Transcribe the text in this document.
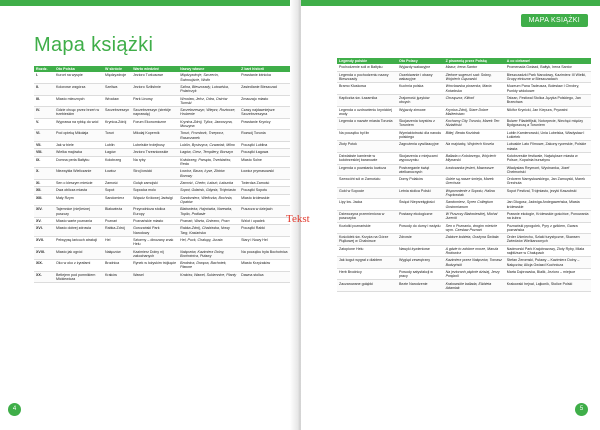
Mapa książki
Rozdz.	Oto Polska	W skrócie	Warto wiedzieć	Nazwy własne	Z bart historii
I.	Kurort na wyspie	Międzyzdroje	Jezioro Turkusowe	Międzyzdroje, Szczecin, Świnoujście, Wolin	Powstanie łotnicka
II.	Kolorowe wzgórza	Szeliwa	Jezioro Szilishnie	Szlina, Bieszczady, Lutowiska, Polańczyk	Zasiedlanie Bieszczad
III.	Miasto mlecznych	Wrocław	Park Linowy	Wrocław, Jelcz, Odra, Ostrów Tumski	Zmaczajo miasto
IV.	Gdzie chcąc przez brzeń w trzebieskim	Szczebrzeszyn	Szczebrzeszyn (strekije naprawdę)	Szczebrzeszyn, Wieprz, Roztocze, Hrubenie	Czasy najdawniejsze Szczebrzeszyna
V.	Wyprawa na rybkę do wód	Krynica-Zdrój	Forum Ekonomiczne	Krynica-Zdrój, Tylicz, Jaworzyna, Muszyna	Powstanie Krynicy
VI.	Pod opieką Mikołaja	Toruń	Mikołaj Kopernik	Toruń, Frombork, Trzepocz, Raszczanek	Rozwój Torunia
VII.	Jak w biele	Lublin	Lubelskie trolejbusy	Lublin, Bystrzyca, Czwartak, Milno	Początki Lublina
VIII.	Wielka majówka	Łagów	Jezioro Trzesniowskie	Łagów, Cierz, Templiery, Borszyn	Początki Łagowa
IX.	Domna perła Bałtyku	Kołobrzeg	Na ryby	Kołobrzeg, Parsęta, Trzebiatów, Reda	Miasto Solne
X.	Niezwykła Wieliczanie	Łowicz	Stroj łowicki	Łowicz, Bzura, Łyse, Złotów Borowy	Łowicz prymasowski
XI.	Sen o kleszym mieście	Zamość	Gołąb zamojski	Zamość, Chełm, Łabuń, Łabunka	Twierdza Zamość
XII.	Dwa oblicza miasta	Sopot	Sopocka molo	Sopot, Gdańsk, Gdynia, Trójmiasto	Początki Sopotu
XIII.	Mały Rzym	Sandomierz	Wąwóz Królowej Jadwigi	Sandomierz, Wieliczka, Bochnia, Opatów	Miasto królewskie
XIV.	Tajemnice (nie)leśnej puszczy	Białowieża	Przyrodnicza stolica Europy	Białowieża, Hajnówka, Narewka, Topiło, Podlasie	Puszcza w dziejach
XV.	Miasto warte poznania	Poznań	Poznańskie miasto	Poznań, Warta, Gniezno, Pozn	Wzlot i upadek
XVI.	Miasto dobrej zdrowia	Rabka-Zdrój	Gorczański Park Narodowy	Rabka-Zdrój, Chabówka, Nowy Targ, Kasiańska	Początki Rabki
XVII.	Pełwypsę łańcuch atrakcji	Hel	Sztormy – dinozany znak Helu	Hel, Puck, Chałupy, Jurata	Stary i Nowy Hel
XVIII.	Miasto jak ogród	Nałęczów	Kazimierz Dolny nij zakochanych	Nałęczów, Kazimierz Dolny, Bochotnica, Puławy	Na początku była Bochotnica
XIX.	Oko w oko z żyrafami	Brodnica	Rynek w łożyskim trójkącie	Brodnica, Drwęca, Bachotek, Pławne	Miasto Krzyżaków
XX.	Betlejem pod pomnikiem Mickiewicza	Kraków	Wawel	Kraków, Wawel, Sukiennice, Planty	Dawna stolica
4
MAPA KSIĄŻKI
Legendy polskie	Oto Polacy	Z pisownią przez Polskę	A co ciekawe!
Pochodzenie soli w Bałtyku	Wyjazdy wakacyjne	Mazur, Irena Santor	Promenada Gwiazd, Bałtyk, Irena Santor
Legenda o pochodzeniu nazwy Bieszczady	Oczekiwanie i obawy wakacyjne	Zielone sugeruci sad: Sobny, Wojciech Gąsowski	Bieszczadzki Park Narodowy, Kazimierz III Wielki, Grupy etniczne w Bieszczadach
Bramo Kłuskowa	Kuchnia polska	Wrocławska piosenka, Marta Kotarbska	Muzeum Pana Tadeusza, Bolesław I Chrobry, Punkty widokowe
Kapliczka św. Łazarnika	Zrajomość języków obcych	Chrząszcz, Klitorii	Tatzan, Festiwal Stolica Języka Polskiego, Jan Brzechwa
Legenda o uzdrowieniu krynickiej wody	Wyjazdy zimowe	Krynica-Zdrój, Stare Dobre Małżeństwo	Nikifor Krynicki, Jan Kiepura, Prywatni
Legenda o nazwie miasta Torunia	Skojarzenia turystów z Toruniem	Kochamy City Toruniu, Marek Ten Niziałiński	Bulwer Filadelfijski, Notorpecie, Niechęć między Bydgoszczą a Toruniem
Na początku był łin	Wymiaktotność dla narodu polskiego	Bitlej, Beata Kozidrak	Lublin Kamienowski, Unia Lubelska, Władysław I Łokietek
Złoty Potok	Zagrożenia cywilizacyjne	Na majówkę, Wojciech Kosela	Lubuskie Lato Filmowe, Zakony rycerskie, Polskie miasta
Dziwlakste kamienie w kołobrzeskiej baranowie	Skojarzenia z miejscami wypoczynku	Ballada o Kołobrzegu, Wojciech Młynarski	Kołobrzeskie festiwale, Największe miasta w Polsce, Kopalnia bursztynu
Legenda o powstaniu łowicza	Postrzeganie świąt wielkanocnych	Łowiczanka jesień, Mazowsze	Władysław Reymont, Wycinanka, Józef Chełmoński
Szewcóht sól w Zamościu	Domy Polaków	Gdzie są nasze śmieja, Marek Grechuta	Ordorem Namysłowskiego, Jan Zamoyski, Marek Grechuta
Gołd w Sopocie	Letnia stolica Polski	Wspomnienie z Sopotu, Halina Frąckowiak	Sopot Festival, Trójmiasto, jezyki Kaszubski
Lipy kw. Jacka	Święci Nieprzełęgłości	Sandomierz, Syren Collegium Gostomianum	Jan Długosz, Jadwiga Andegaweńska, Miasta królewskie
Dziewczyna przemieniona w puszczyka	Postawy ekologiczne	W Puszczy Białowieskiej, Michał Jurecki	Prawnie ekologie, Królewskie gościńce, Ponowania na żubra
Koziołki poznańskie	Powody do dumy i wstydu	Sen o Poznaniu, drogim mieście wym. Czesław Poznań	Poznański pyrogolek, Pyry z gzikiem, Gwara poznańska
Kościółek św. Krzyża na Górze Piąłkowej w Chabówce	Zdrowie	Zabiore kobieta, Grażyna Świtała	Order Uśmiechu, Szlaki turystyczne, Skansen Zwiedzów Wielkanocnych
Zatopione Helu	Nawyki żywieniowe	A gdzie to zdobne morze, Marula Rodowicz	Nadmorski Park Krajobrazowy, Złoty Ryby, Miała najbliższe w Chałupach
Jak kogut wygrał z diabłem	Wygląd zewnętrzny	Kazimierz przez Nałęczów, Tomasz Budzyński	Stefan Żeromski, Puławy – Kazimierz Dolny – Nałęczów, Alicja Gwiazd Kuchnicza
Herb Brodnicy	Powody satysfakcji w pracy	Na jezioranh pięknie dzisiaj, Jerzy Poręboll	Marta Dąbrowska, Bialik, Jezioro – miejsce
Zaczarowane gołąbki	Bezte Narodzenie	Krakowskie ballada, Elżbieta Adamiak	Krakowski hejnał, Lajkonik, Stolice Polski
5
Tekst
